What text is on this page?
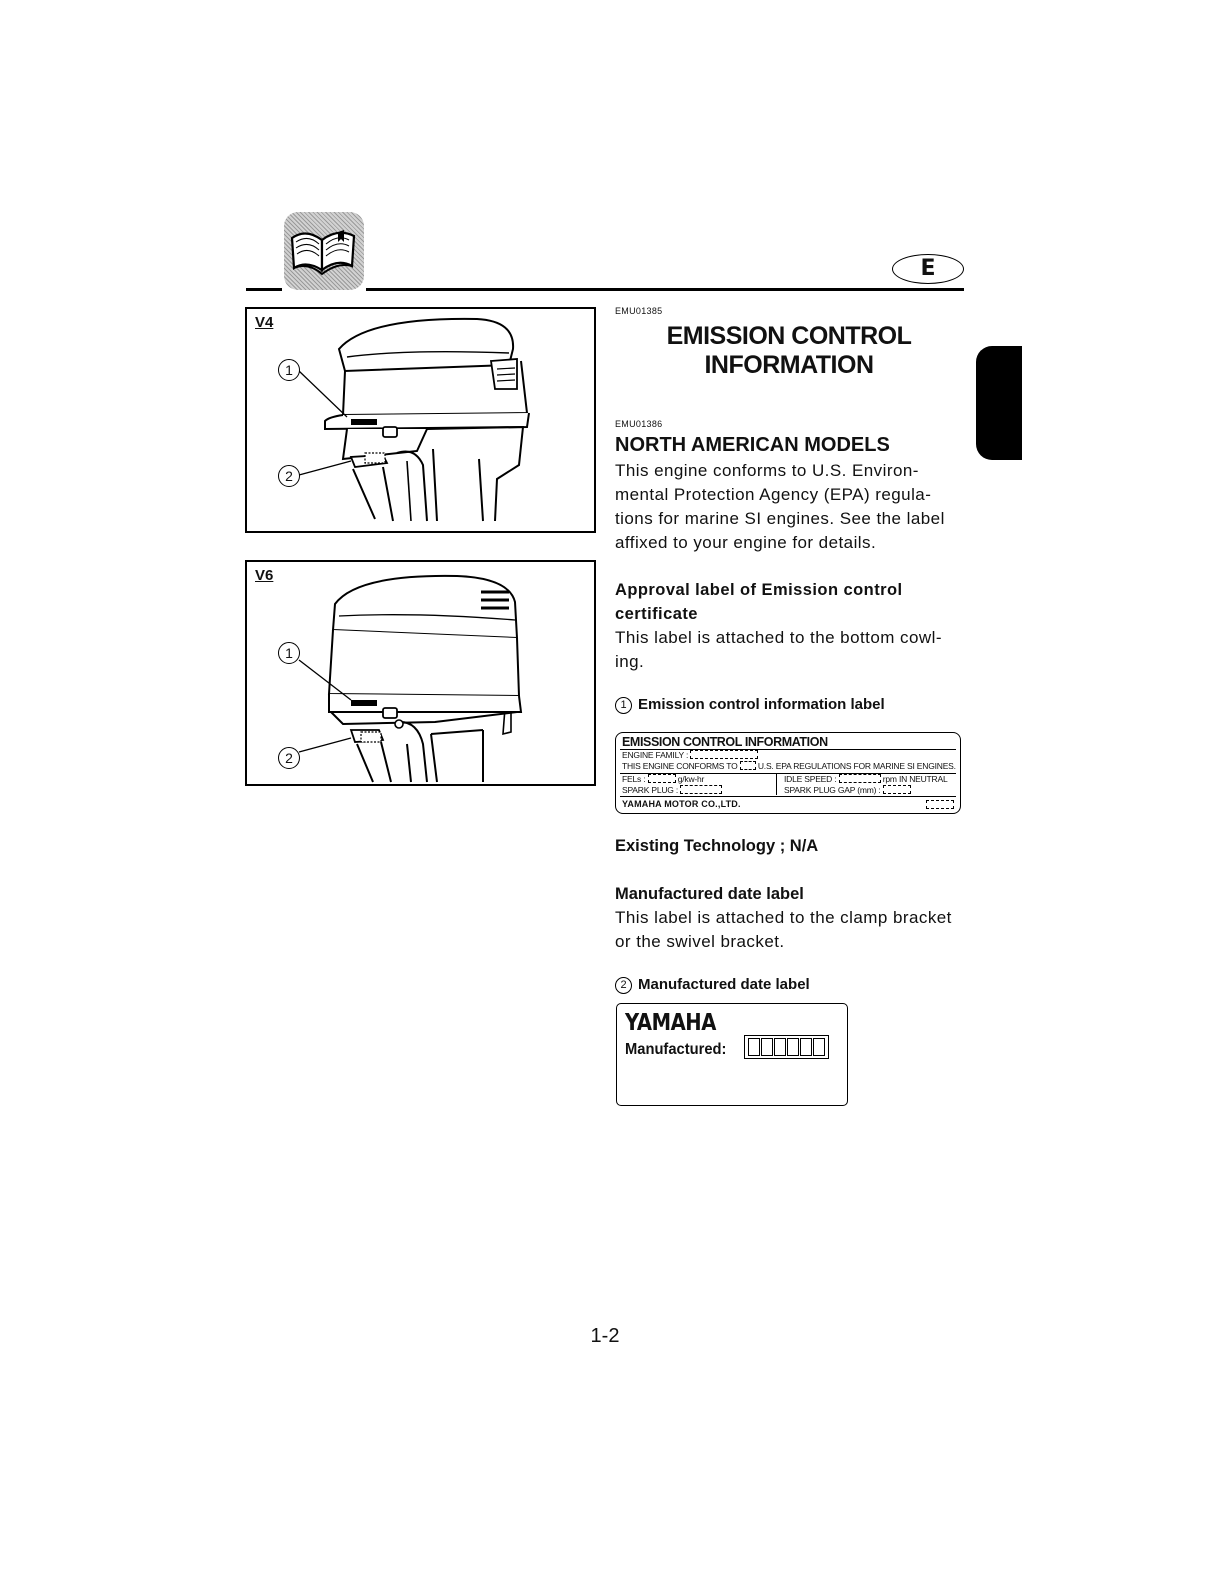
E
V4
1
2
V6
1
2
EMU01385
EMISSION CONTROL
INFORMATION
EMU01386
NORTH AMERICAN MODELS
This engine conforms to U.S. Environ-
mental Protection Agency (EPA) regula-
tions for marine SI engines. See the label
affixed to your engine for details.
Approval label of Emission control
certificate
This label is attached to the bottom cowl-
ing.
1 Emission control information label
EMISSION CONTROL INFORMATION
ENGINE FAMILY :
THIS ENGINE CONFORMS TO U.S. EPA REGULATIONS FOR MARINE SI ENGINES.
FELs :	g/kw-hr	IDLE SPEED :	rpm IN NEUTRAL
SPARK PLUG :	SPARK PLUG GAP (mm) :
YAMAHA MOTOR CO.,LTD.
Existing Technology ; N/A
Manufactured date label
This label is attached to the clamp bracket
or the swivel bracket.
2 Manufactured date label
YAMAHA
Manufactured:
1-2
